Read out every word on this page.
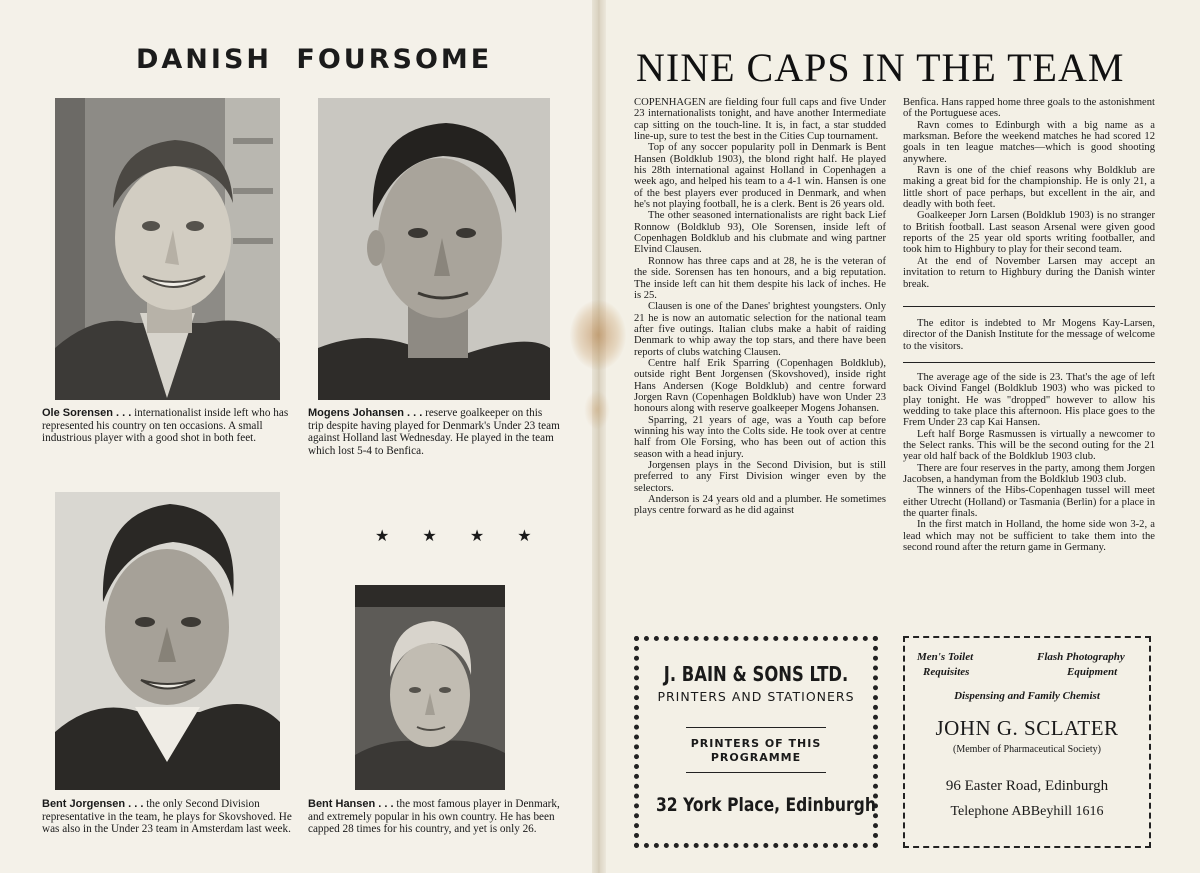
DANISH FOURSOME
Ole Sorensen . . . internationalist inside left who has represented his country on ten occasions. A small industrious player with a good shot in both feet.
Mogens Johansen . . . reserve goalkeeper on this trip despite having played for Denmark's Under 23 team against Holland last Wednesday. He played in the team which lost 5-4 to Benfica.
Bent Jorgensen . . . the only Second Division representative in the team, he plays for Skovshoved. He was also in the Under 23 team in Amsterdam last week.
★ ★ ★ ★
Bent Hansen . . . the most famous player in Denmark, and extremely popular in his own country. He has been capped 28 times for his country, and yet is only 26.
NINE CAPS IN THE TEAM

COPENHAGEN are fielding four full caps and five Under 23 internationalists tonight, and have another Intermediate cap sitting on the touch-line. It is, in fact, a star studded line-up, sure to test the best in the Cities Cup tournament.

Top of any soccer popularity poll in Denmark is Bent Hansen (Boldklub 1903), the blond right half. He played his 28th international against Holland in Copenhagen a week ago, and helped his team to a 4-1 win. Hansen is one of the best players ever produced in Denmark, and when he's not playing football, he is a clerk. Bent is 26 years old.

The other seasoned internationalists are right back Lief Ronnow (Boldklub 93), Ole Sorensen, inside left of Copenhagen Boldklub and his clubmate and wing partner Elvind Clausen.

Ronnow has three caps and at 28, he is the veteran of the side. Sorensen has ten honours, and a big reputation. The inside left can hit them despite his lack of inches. He is 25.

Clausen is one of the Danes' brightest youngsters. Only 21 he is now an automatic selection for the national team after five outings. Italian clubs make a habit of raiding Denmark to whip away the top stars, and there have been reports of clubs watching Clausen.

Centre half Erik Sparring (Copenhagen Boldklub), outside right Bent Jorgensen (Skovshoved), inside right Hans Andersen (Koge Boldklub) and centre forward Jorgen Ravn (Copenhagen Boldklub) have won Under 23 honours along with reserve goalkeeper Mogens Johansen.

Sparring, 21 years of age, was a Youth cap before winning his way into the Colts side. He took over at centre half from Ole Forsing, who has been out of action this season with a head injury.

Jorgensen plays in the Second Division, but is still preferred to any First Division winger even by the selectors.

Anderson is 24 years old and a plumber. He sometimes plays centre forward as he did against

Benfica. Hans rapped home three goals to the astonishment of the Portuguese aces.

Ravn comes to Edinburgh with a big name as a marksman. Before the weekend matches he had scored 12 goals in ten league matches—which is good shooting anywhere.

Ravn is one of the chief reasons why Boldklub are making a great bid for the championship. He is only 21, a little short of pace perhaps, but excellent in the air, and deadly with both feet.

Goalkeeper Jorn Larsen (Boldklub 1903) is no stranger to British football. Last season Arsenal were given good reports of the 25 year old sports writing footballer, and took him to Highbury to play for their second team.

At the end of November Larsen may accept an invitation to return to Highbury during the Danish winter break.

The editor is indebted to Mr Mogens Kay-Larsen, director of the Danish Institute for the message of welcome to the visitors.

The average age of the side is 23. That's the age of left back Oivind Fangel (Boldklub 1903) who was picked to play tonight. He was "dropped" however to allow his wedding to take place this afternoon. His place goes to the Frem Under 23 cap Kai Hansen.

Left half Borge Rasmussen is virtually a newcomer to the Select ranks. This will be the second outing for the 21 year old half back of the Boldklub 1903 club.

There are four reserves in the party, among them Jorgen Jacobsen, a handyman from the Boldklub 1903 club.

The winners of the Hibs-Copenhagen tussel will meet either Utrecht (Holland) or Tasmania (Berlin) for a place in the quarter finals.

In the first match in Holland, the home side won 3-2, a lead which may not be sufficient to take them into the second round after the return game in Germany.

J. BAIN & SONS LTD.
PRINTERS AND STATIONERS
PRINTERS OF THIS
PROGRAMME
32 York Place, Edinburgh
Men's Toilet
Requisites
Flash Photography
Equipment
Dispensing and Family Chemist
JOHN G. SCLATER
(Member of Pharmaceutical Society)
96 Easter Road, Edinburgh
Telephone ABBeyhill 1616
